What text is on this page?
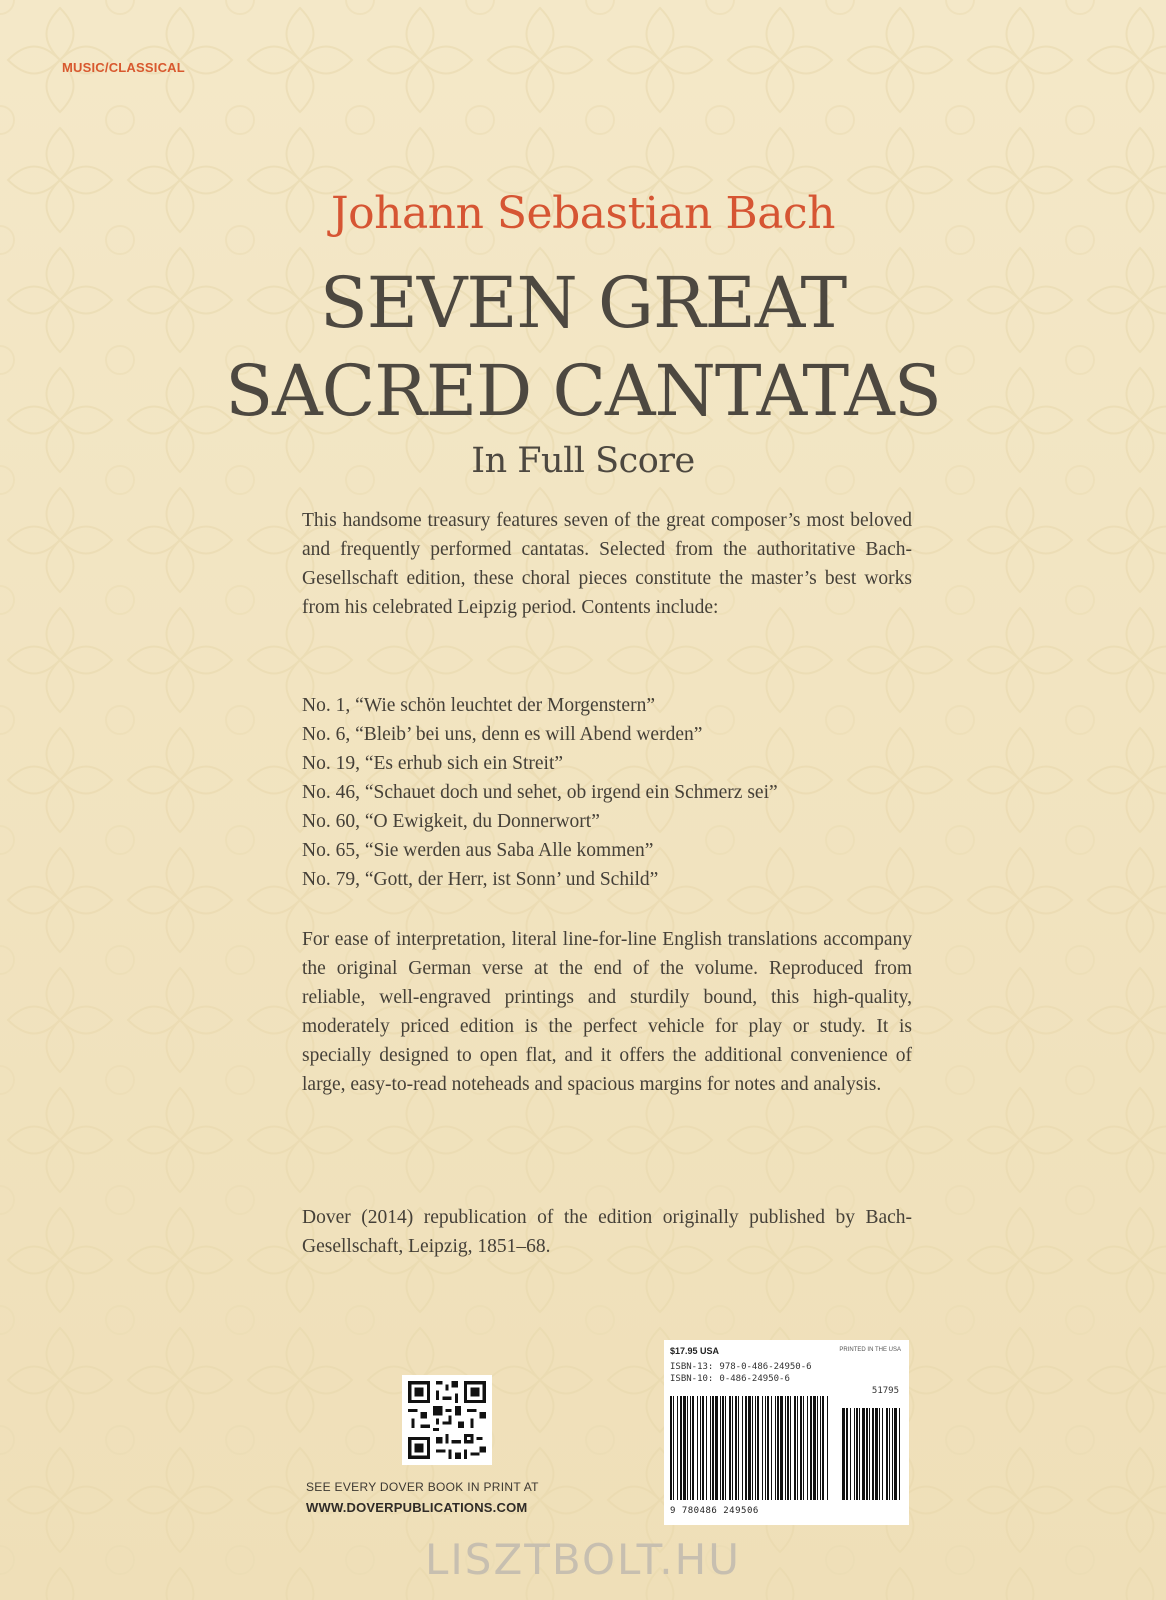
MUSIC/CLASSICAL
Johann Sebastian Bach
SEVEN GREAT
SACRED CANTATAS
In Full Score

This handsome treasury features seven of the great composer’s most beloved and frequently performed cantatas. Selected from the authoritative Bach-Gesellschaft edition, these choral pieces constitute the master’s best works from his celebrated Leipzig period. Contents include:

No. 1, “Wie schön leuchtet der Morgenstern”
No. 6, “Bleib’ bei uns, denn es will Abend werden”
No. 19, “Es erhub sich ein Streit”
No. 46, “Schauet doch und sehet, ob irgend ein Schmerz sei”
No. 60, “O Ewigkeit, du Donnerwort”
No. 65, “Sie werden aus Saba Alle kommen”
No. 79, “Gott, der Herr, ist Sonn’ und Schild”

For ease of interpretation, literal line-for-line English translations accompany the original German verse at the end of the volume. Reproduced from reliable, well-engraved printings and sturdily bound, this high-quality, moderately priced edition is the perfect vehicle for play or study. It is specially designed to open flat, and it offers the additional convenience of large, easy-to-read noteheads and spacious margins for notes and analysis.

Dover (2014) republication of the edition originally published by Bach-Gesellschaft, Leipzig, 1851–68.

SEE EVERY DOVER BOOK IN PRINT AT
WWW.DOVERPUBLICATIONS.COM
$17.95 USA	PRINTED IN THE USA
ISBN-13: 978-0-486-24950-6
ISBN-10: 0-486-24950-6
51795
9 780486 249506
LISZTBOLT.HU
